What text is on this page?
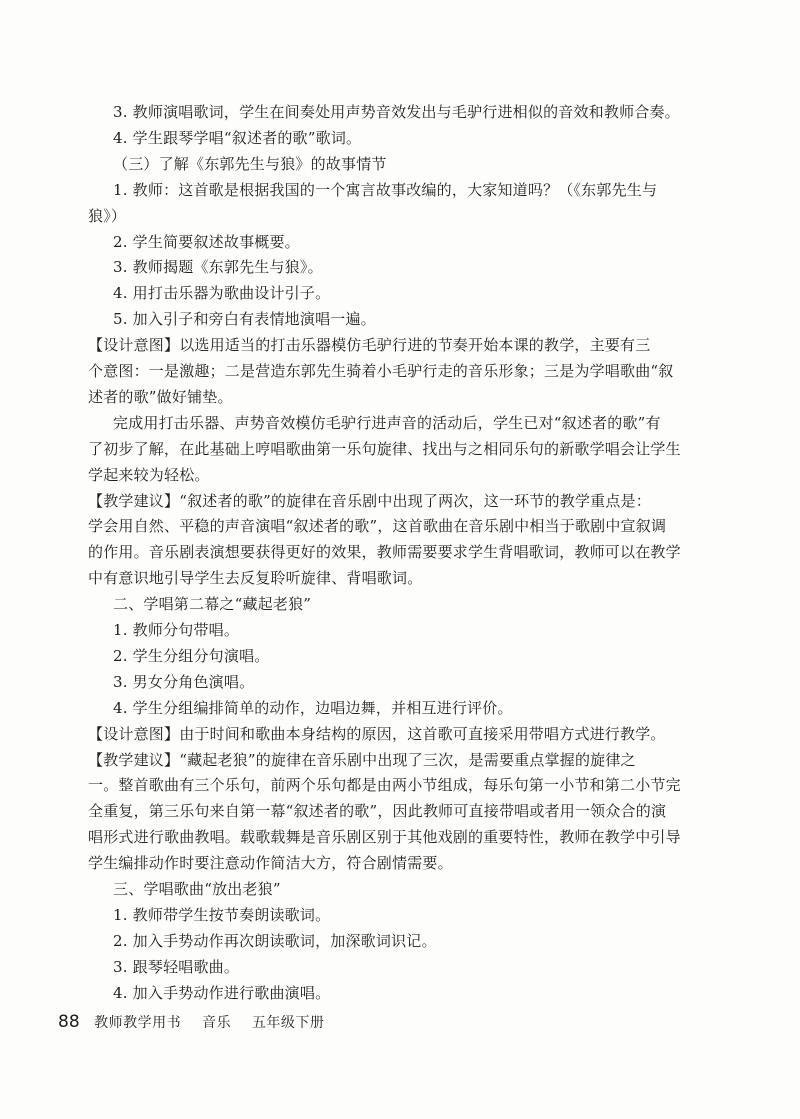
3. 教师演唱歌词，学生在间奏处用声势音效发出与毛驴行进相似的音效和教师合奏。
4. 学生跟琴学唱“叙述者的歌”歌词。
（三）了解《东郭先生与狼》的故事情节
1. 教师：这首歌是根据我国的一个寓言故事改编的，大家知道吗？（《东郭先生与
狼》）
2. 学生简要叙述故事概要。
3. 教师揭题《东郭先生与狼》。
4. 用打击乐器为歌曲设计引子。
5. 加入引子和旁白有表情地演唱一遍。
【设计意图】以选用适当的打击乐器模仿毛驴行进的节奏开始本课的教学，主要有三
个意图：一是激趣；二是营造东郭先生骑着小毛驴行走的音乐形象；三是为学唱歌曲“叙
述者的歌”做好铺垫。
完成用打击乐器、声势音效模仿毛驴行进声音的活动后，学生已对“叙述者的歌”有
了初步了解，在此基础上哼唱歌曲第一乐句旋律、找出与之相同乐句的新歌学唱会让学生
学起来较为轻松。
【教学建议】“叙述者的歌”的旋律在音乐剧中出现了两次，这一环节的教学重点是：
学会用自然、平稳的声音演唱“叙述者的歌”，这首歌曲在音乐剧中相当于歌剧中宣叙调
的作用。音乐剧表演想要获得更好的效果，教师需要要求学生背唱歌词，教师可以在教学
中有意识地引导学生去反复聆听旋律、背唱歌词。
二、学唱第二幕之“藏起老狼”
1. 教师分句带唱。
2. 学生分组分句演唱。
3. 男女分角色演唱。
4. 学生分组编排简单的动作，边唱边舞，并相互进行评价。
【设计意图】由于时间和歌曲本身结构的原因，这首歌可直接采用带唱方式进行教学。
【教学建议】“藏起老狼”的旋律在音乐剧中出现了三次，是需要重点掌握的旋律之
一。整首歌曲有三个乐句，前两个乐句都是由两小节组成，每乐句第一小节和第二小节完
全重复，第三乐句来自第一幕“叙述者的歌”，因此教师可直接带唱或者用一领众合的演
唱形式进行歌曲教唱。载歌载舞是音乐剧区别于其他戏剧的重要特性，教师在教学中引导
学生编排动作时要注意动作简洁大方，符合剧情需要。
三、学唱歌曲“放出老狼”
1. 教师带学生按节奏朗读歌词。
2. 加入手势动作再次朗读歌词，加深歌词识记。
3. 跟琴轻唱歌曲。
4. 加入手势动作进行歌曲演唱。
88 教师教学用书 音乐 五年级下册
